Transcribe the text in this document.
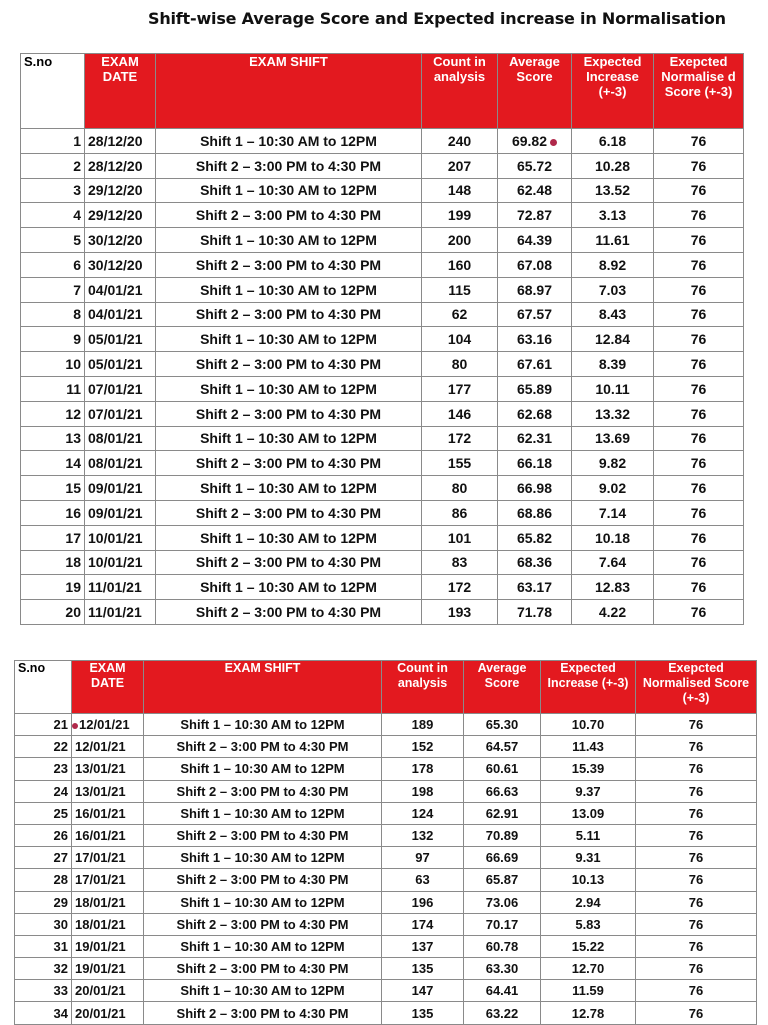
Shift-wise Average Score and Expected increase in Normalisation
S.no	EXAM DATE	EXAM SHIFT	Count in analysis	Average Score	Expected Increase (+-3)	Exepcted Normalise d Score (+-3)
1	28/12/20	Shift 1 – 10:30 AM to 12PM	240	69.82	6.18	76
2	28/12/20	Shift 2 – 3:00 PM to 4:30 PM	207	65.72	10.28	76
3	29/12/20	Shift 1 – 10:30 AM to 12PM	148	62.48	13.52	76
4	29/12/20	Shift 2 – 3:00 PM to 4:30 PM	199	72.87	3.13	76
5	30/12/20	Shift 1 – 10:30 AM to 12PM	200	64.39	11.61	76
6	30/12/20	Shift 2 – 3:00 PM to 4:30 PM	160	67.08	8.92	76
7	04/01/21	Shift 1 – 10:30 AM to 12PM	115	68.97	7.03	76
8	04/01/21	Shift 2 – 3:00 PM to 4:30 PM	62	67.57	8.43	76
9	05/01/21	Shift 1 – 10:30 AM to 12PM	104	63.16	12.84	76
10	05/01/21	Shift 2 – 3:00 PM to 4:30 PM	80	67.61	8.39	76
11	07/01/21	Shift 1 – 10:30 AM to 12PM	177	65.89	10.11	76
12	07/01/21	Shift 2 – 3:00 PM to 4:30 PM	146	62.68	13.32	76
13	08/01/21	Shift 1 – 10:30 AM to 12PM	172	62.31	13.69	76
14	08/01/21	Shift 2 – 3:00 PM to 4:30 PM	155	66.18	9.82	76
15	09/01/21	Shift 1 – 10:30 AM to 12PM	80	66.98	9.02	76
16	09/01/21	Shift 2 – 3:00 PM to 4:30 PM	86	68.86	7.14	76
17	10/01/21	Shift 1 – 10:30 AM to 12PM	101	65.82	10.18	76
18	10/01/21	Shift 2 – 3:00 PM to 4:30 PM	83	68.36	7.64	76
19	11/01/21	Shift 1 – 10:30 AM to 12PM	172	63.17	12.83	76
20	11/01/21	Shift 2 – 3:00 PM to 4:30 PM	193	71.78	4.22	76
S.no	EXAM DATE	EXAM SHIFT	Count in analysis	Average Score	Expected Increase (+-3)	Exepcted Normalised Score (+-3)
21	12/01/21	Shift 1 – 10:30 AM to 12PM	189	65.30	10.70	76
22	12/01/21	Shift 2 – 3:00 PM to 4:30 PM	152	64.57	11.43	76
23	13/01/21	Shift 1 – 10:30 AM to 12PM	178	60.61	15.39	76
24	13/01/21	Shift 2 – 3:00 PM to 4:30 PM	198	66.63	9.37	76
25	16/01/21	Shift 1 – 10:30 AM to 12PM	124	62.91	13.09	76
26	16/01/21	Shift 2 – 3:00 PM to 4:30 PM	132	70.89	5.11	76
27	17/01/21	Shift 1 – 10:30 AM to 12PM	97	66.69	9.31	76
28	17/01/21	Shift 2 – 3:00 PM to 4:30 PM	63	65.87	10.13	76
29	18/01/21	Shift 1 – 10:30 AM to 12PM	196	73.06	2.94	76
30	18/01/21	Shift 2 – 3:00 PM to 4:30 PM	174	70.17	5.83	76
31	19/01/21	Shift 1 – 10:30 AM to 12PM	137	60.78	15.22	76
32	19/01/21	Shift 2 – 3:00 PM to 4:30 PM	135	63.30	12.70	76
33	20/01/21	Shift 1 – 10:30 AM to 12PM	147	64.41	11.59	76
34	20/01/21	Shift 2 – 3:00 PM to 4:30 PM	135	63.22	12.78	76
